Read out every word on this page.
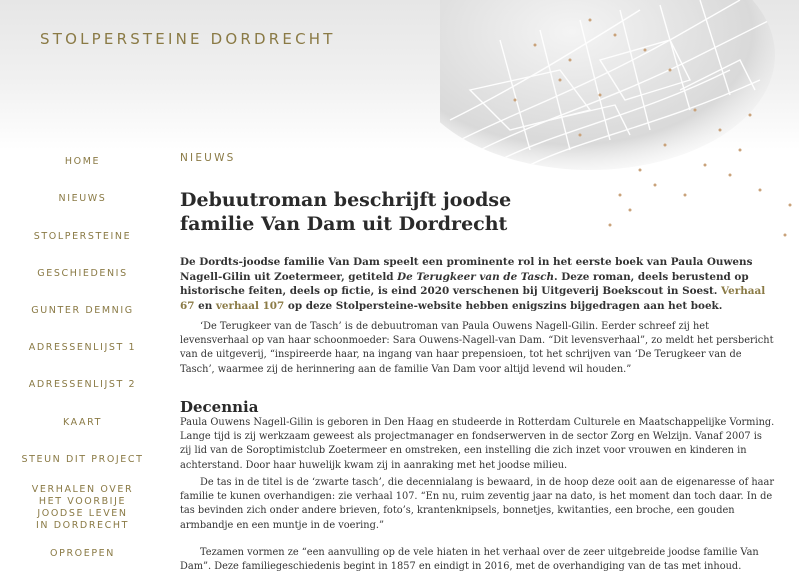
STOLPERSTEINE DORDRECHT
HOME
NIEUWS
STOLPERSTEINE
GESCHIEDENIS
GUNTER DEMNIG
ADRESSENLIJST 1
ADRESSENLIJST 2
KAART
STEUN DIT PROJECT
VERHALEN OVER
HET VOORBIJE
JOODSE LEVEN
IN DORDRECHT
OPROEPEN
NIEUWS
Debuutroman beschrijft joodse
familie Van Dam uit Dordrecht

De Dordts-joodse familie Van Dam speelt een prominente rol in het eerste boek van Paula Ouwens Nagell-Gilin uit Zoetermeer, getiteld De Terugkeer van de Tasch. Deze roman, deels berustend op historische feiten, deels op fictie, is eind 2020 verschenen bij Uitgeverij Boekscout in Soest. Verhaal 67 en verhaal 107 op deze Stolpersteine-website hebben enigszins bijgedragen aan het boek.

‘De Terugkeer van de Tasch’ is de debuutroman van Paula Ouwens Nagell-Gilin. Eerder schreef zij het levensverhaal op van haar schoonmoeder: Sara Ouwens-Nagell-van Dam. “Dit levensverhaal”, zo meldt het persbericht van de uitgeverij, “inspireerde haar, na ingang van haar prepensioen, tot het schrijven van ‘De Terugkeer van de Tasch’, waarmee zij de herinnering aan de familie Van Dam voor altijd levend wil houden.”

Decennia

Paula Ouwens Nagell-Gilin is geboren in Den Haag en studeerde in Rotterdam Culturele en Maatschappelijke Vorming. Lange tijd is zij werkzaam geweest als projectmanager en fondserwerven in de sector Zorg en Welzijn. Vanaf 2007 is zij lid van de Soroptimistclub Zoetermeer en omstreken, een instelling die zich inzet voor vrouwen en kinderen in achterstand. Door haar huwelijk kwam zij in aanraking met het joodse milieu.

De tas in de titel is de ‘zwarte tasch’, die decennialang is bewaard, in de hoop deze ooit aan de eigenaresse of haar familie te kunen overhandigen: zie verhaal 107. “En nu, ruim zeventig jaar na dato, is het moment dan toch daar. In de tas bevinden zich onder andere brieven, foto’s, krantenknipsels, bonnetjes, kwitanties, een broche, een gouden armbandje en een muntje in de voering.”

Tezamen vormen ze “een aanvulling op de vele hiaten in het verhaal over de zeer uitgebreide joodse familie Van Dam”. Deze familiegeschiedenis begint in 1857 en eindigt in 2016, met de overhandiging van de tas met inhoud.
